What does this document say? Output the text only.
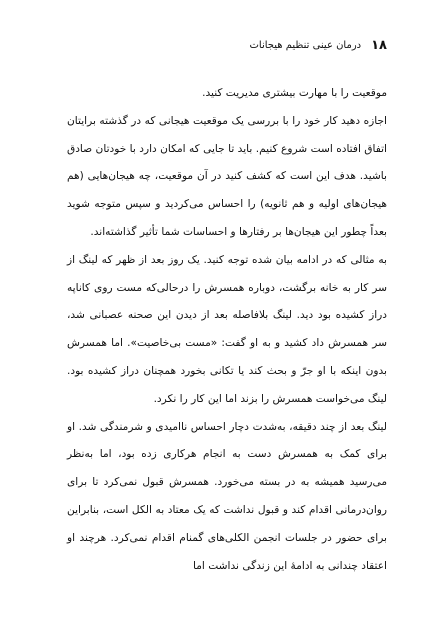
۱۸
درمان عینی تنظیم هیجانات

موقعیت را با مهارت بیشتری مدیریت کنید.

اجازه دهید کار خود را با بررسی یک موقعیت هیجانی که در گذشته برایتان اتفاق افتاده است شروع کنیم. باید تا جایی که امکان دارد با خودتان صادق باشید. هدف این است که کشف کنید در آن موقعیت، چه هیجان‌هایی (هم هیجان‌های اولیه و هم ثانویه) را احساس می‌کردید و سپس متوجه شوید بعداً چطور این هیجان‌ها بر رفتارها و احساسات شما تأثیر گذاشته‌اند.

به مثالی که در ادامه بیان شده توجه کنید. یک روز بعد از ظهر که لینگ از سر کار به خانه برگشت، دوباره همسرش را درحالی‌که مست روی کاناپه دراز کشیده بود دید. لینگ بلافاصله بعد از دیدن این صحنه عصبانی شد، سر همسرش داد کشید و به او گفت: «مست بی‌خاصیت». اما همسرش بدون اینکه با او جرّ و بحث کند یا تکانی بخورد همچنان دراز کشیده بود. لینگ می‌خواست همسرش را بزند اما این کار را نکرد.

لینگ بعد از چند دقیقه، به‌شدت دچار احساس ناامیدی و شرمندگی شد. او برای کمک به همسرش دست به انجام هرکاری زده بود، اما به‌نظر می‌رسید همیشه به در بسته می‌خورد. همسرش قبول نمی‌کرد تا برای روان‌درمانی اقدام کند و قبول نداشت که یک معتاد به الکل است، بنابراین برای حضور در جلسات انجمن الکلی‌های گمنام اقدام نمی‌کرد. هرچند او اعتقاد چندانی به ادامهٔ این زندگی نداشت اما
